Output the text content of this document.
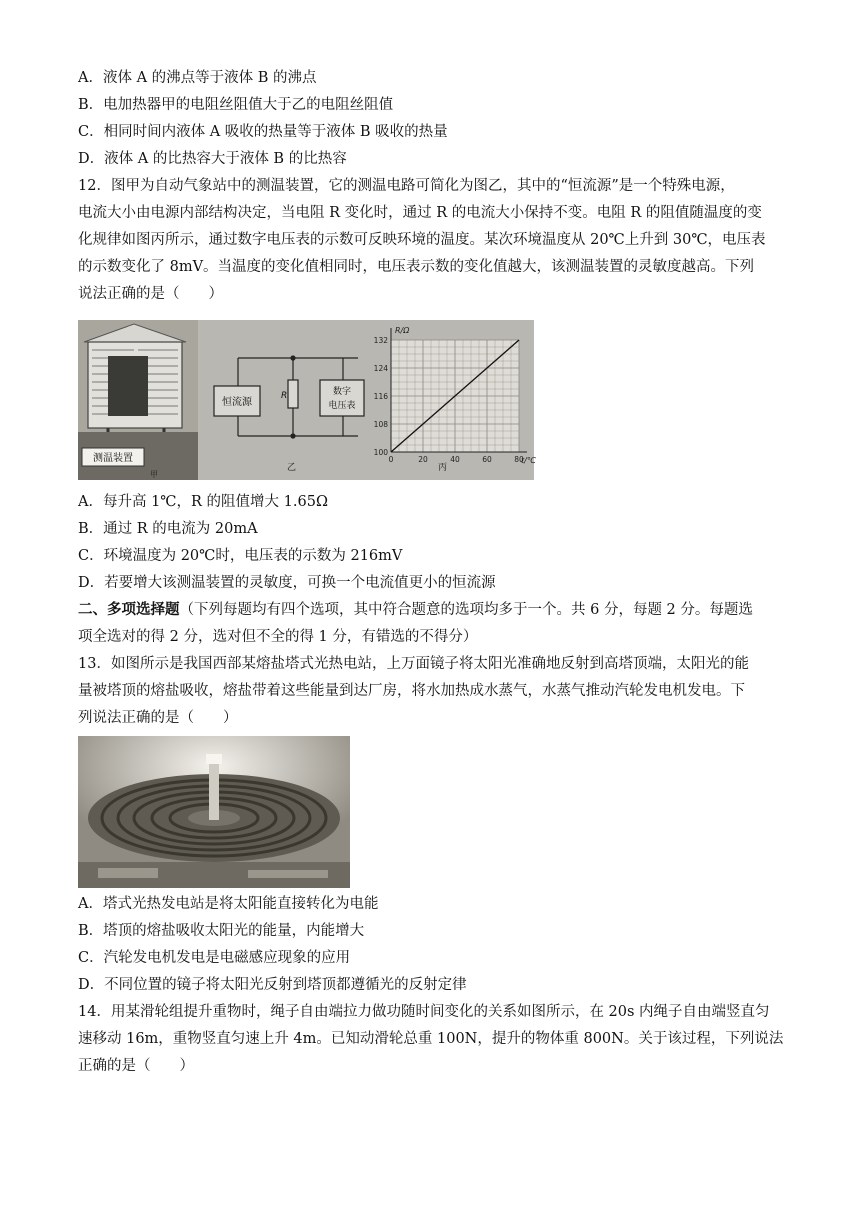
A．液体 A 的沸点等于液体 B 的沸点
B．电加热器甲的电阻丝阻值大于乙的电阻丝阻值
C．相同时间内液体 A 吸收的热量等于液体 B 吸收的热量
D．液体 A 的比热容大于液体 B 的比热容
12．图甲为自动气象站中的测温装置，它的测温电路可简化为图乙，其中的“恒流源”是一个特殊电源，
电流大小由电源内部结构决定，当电阻 R 变化时，通过 R 的电流大小保持不变。电阻 R 的阻值随温度的变
化规律如图丙所示，通过数字电压表的示数可反映环境的温度。某次环境温度从 20℃上升到 30℃，电压表
的示数变化了 8mV。当温度的变化值相同时，电压表示数的变化值越大，该测温装置的灵敏度越高。下列
说法正确的是（　　）
测温装置
甲
恒流源
R	数字
电压表
乙
100
108
116
124
132
0	20	40	60	80
R/Ω
t/℃
丙
A．每升高 1℃，R 的阻值增大 1.65Ω
B．通过 R 的电流为 20mA
C．环境温度为 20℃时，电压表的示数为 216mV
D．若要增大该测温装置的灵敏度，可换一个电流值更小的恒流源
二、多项选择题（下列每题均有四个选项，其中符合题意的选项均多于一个。共 6 分，每题 2 分。每题选
项全选对的得 2 分，选对但不全的得 1 分，有错选的不得分）
13．如图所示是我国西部某熔盐塔式光热电站，上万面镜子将太阳光准确地反射到高塔顶端，太阳光的能
量被塔顶的熔盐吸收，熔盐带着这些能量到达厂房，将水加热成水蒸气，水蒸气推动汽轮发电机发电。下
列说法正确的是（　　）
A．塔式光热发电站是将太阳能直接转化为电能
B．塔顶的熔盐吸收太阳光的能量，内能增大
C．汽轮发电机发电是电磁感应现象的应用
D．不同位置的镜子将太阳光反射到塔顶都遵循光的反射定律
14．用某滑轮组提升重物时，绳子自由端拉力做功随时间变化的关系如图所示，在 20s 内绳子自由端竖直匀
速移动 16m，重物竖直匀速上升 4m。已知动滑轮总重 100N，提升的物体重 800N。关于该过程，下列说法
正确的是（　　）
